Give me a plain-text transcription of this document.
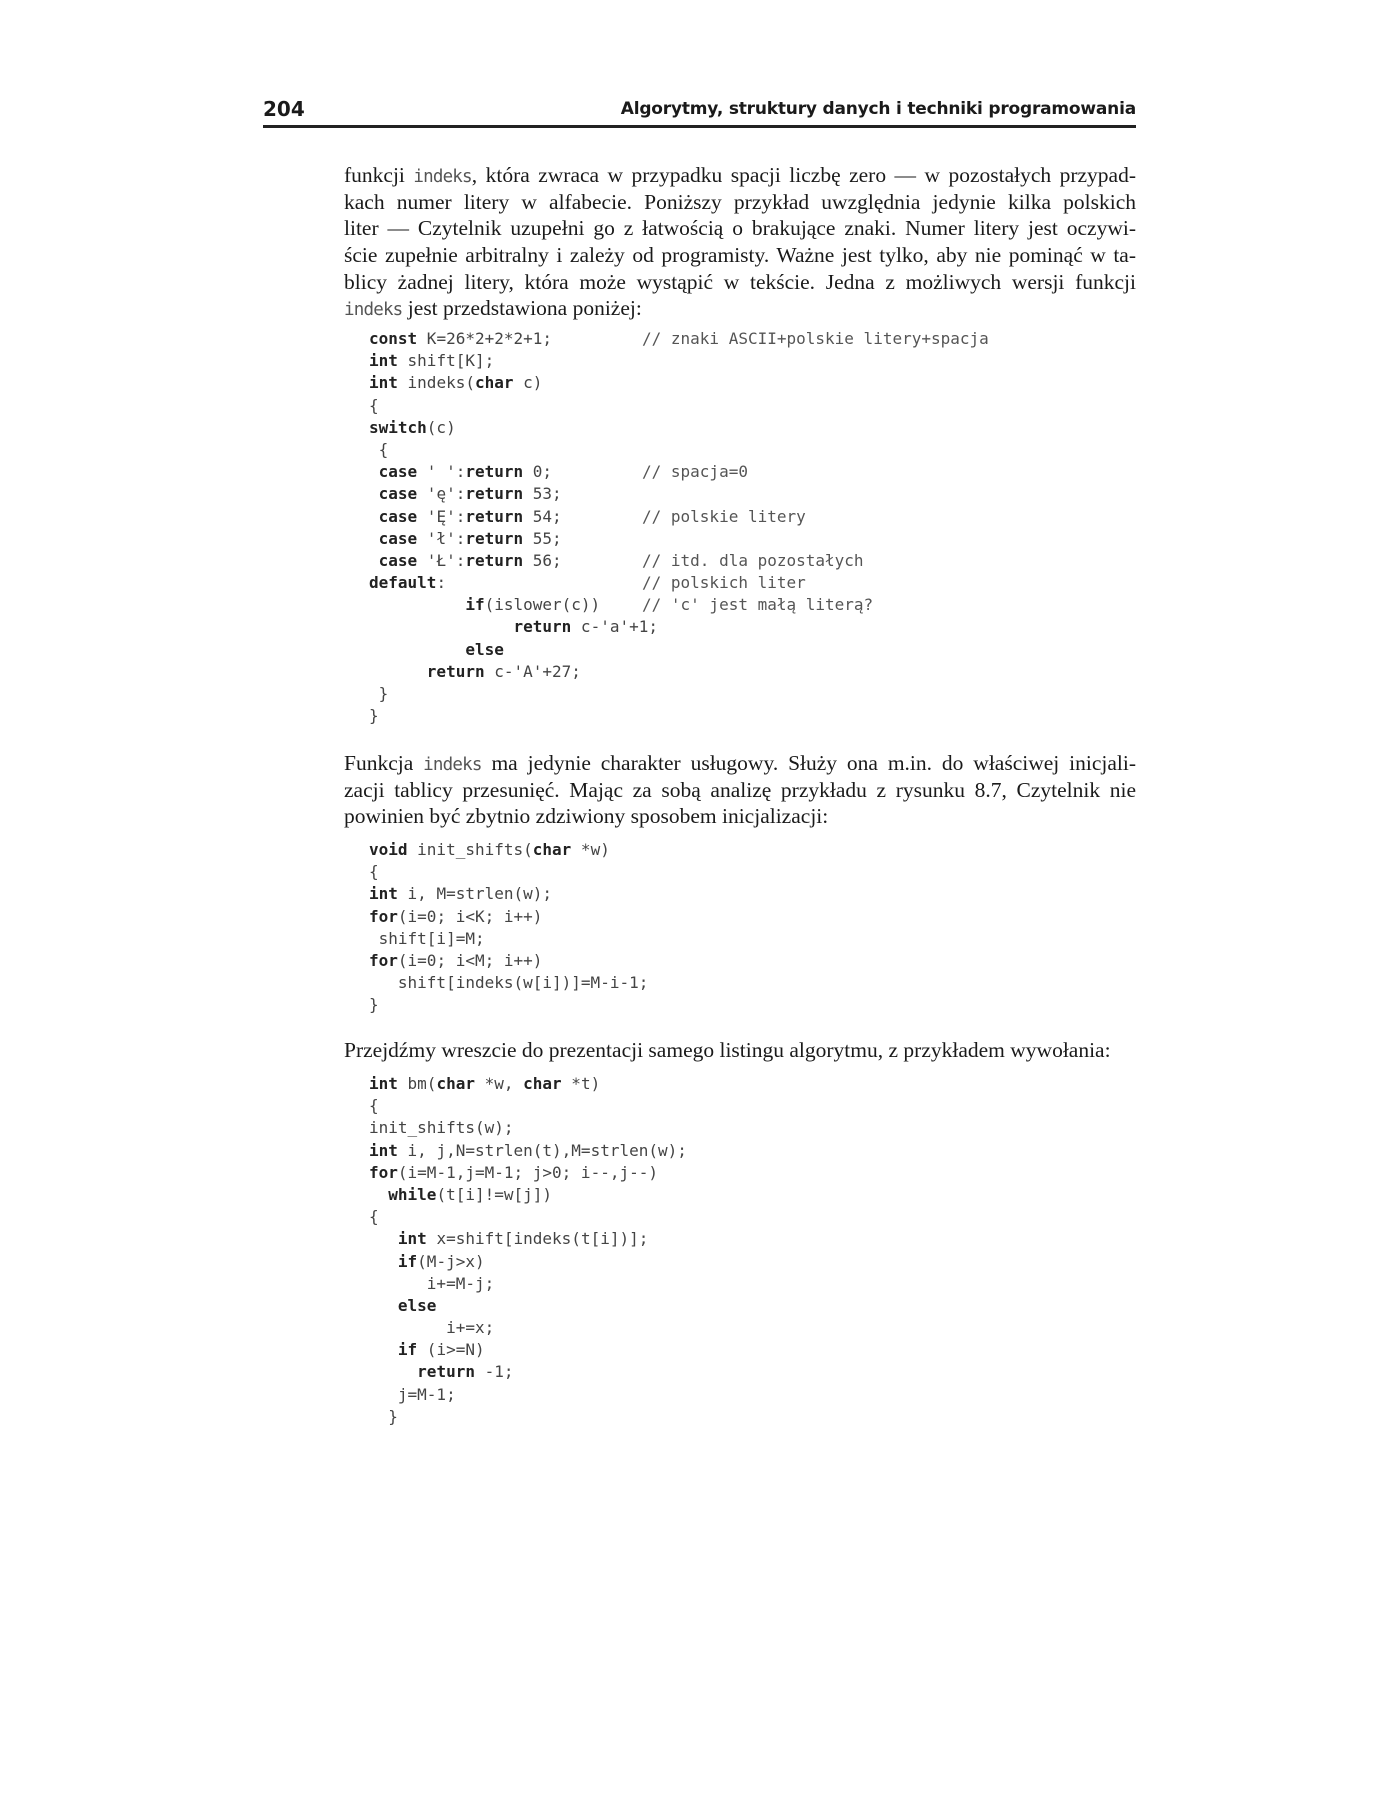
204	Algorytmy, struktury danych i techniki programowania
funkcji indeks, która zwraca w przypadku spacji liczbę zero — w pozostałych przypad-
kach numer litery w alfabecie. Poniższy przykład uwzględnia jedynie kilka polskich
liter — Czytelnik uzupełni go z łatwością o brakujące znaki. Numer litery jest oczywi-
ście zupełnie arbitralny i zależy od programisty. Ważne jest tylko, aby nie pominąć w ta-
blicy żadnej litery, która może wystąpić w tekście. Jedna z możliwych wersji funkcji
indeks jest przedstawiona poniżej:
const K=26*2+2*2+1;	// znaki ASCII+polskie litery+spacja
int shift[K];
int indeks(char c)
{
switch(c)
{
case ' ':return 0;	// spacja=0
case 'ę':return 53;
case 'Ę':return 54;	// polskie litery
case 'ł':return 55;
case 'Ł':return 56;	// itd. dla pozostałych
default:	// polskich liter
if(islower(c))	// 'c' jest małą literą?
return c-'a'+1;
else
return c-'A'+27;
}
}
Funkcja indeks ma jedynie charakter usługowy. Służy ona m.in. do właściwej inicjali-
zacji tablicy przesunięć. Mając za sobą analizę przykładu z rysunku 8.7, Czytelnik nie
powinien być zbytnio zdziwiony sposobem inicjalizacji:
void init_shifts(char *w)
{
int i, M=strlen(w);
for(i=0; i<K; i++)
shift[i]=M;
for(i=0; i<M; i++)
shift[indeks(w[i])]=M-i-1;
}
Przejdźmy wreszcie do prezentacji samego listingu algorytmu, z przykładem wywołania:
int bm(char *w, char *t)
{
init_shifts(w);
int i, j,N=strlen(t),M=strlen(w);
for(i=M-1,j=M-1; j>0; i--,j--)
while(t[i]!=w[j])
{
int x=shift[indeks(t[i])];
if(M-j>x)
i+=M-j;
else
i+=x;
if (i>=N)
return -1;
j=M-1;
}
